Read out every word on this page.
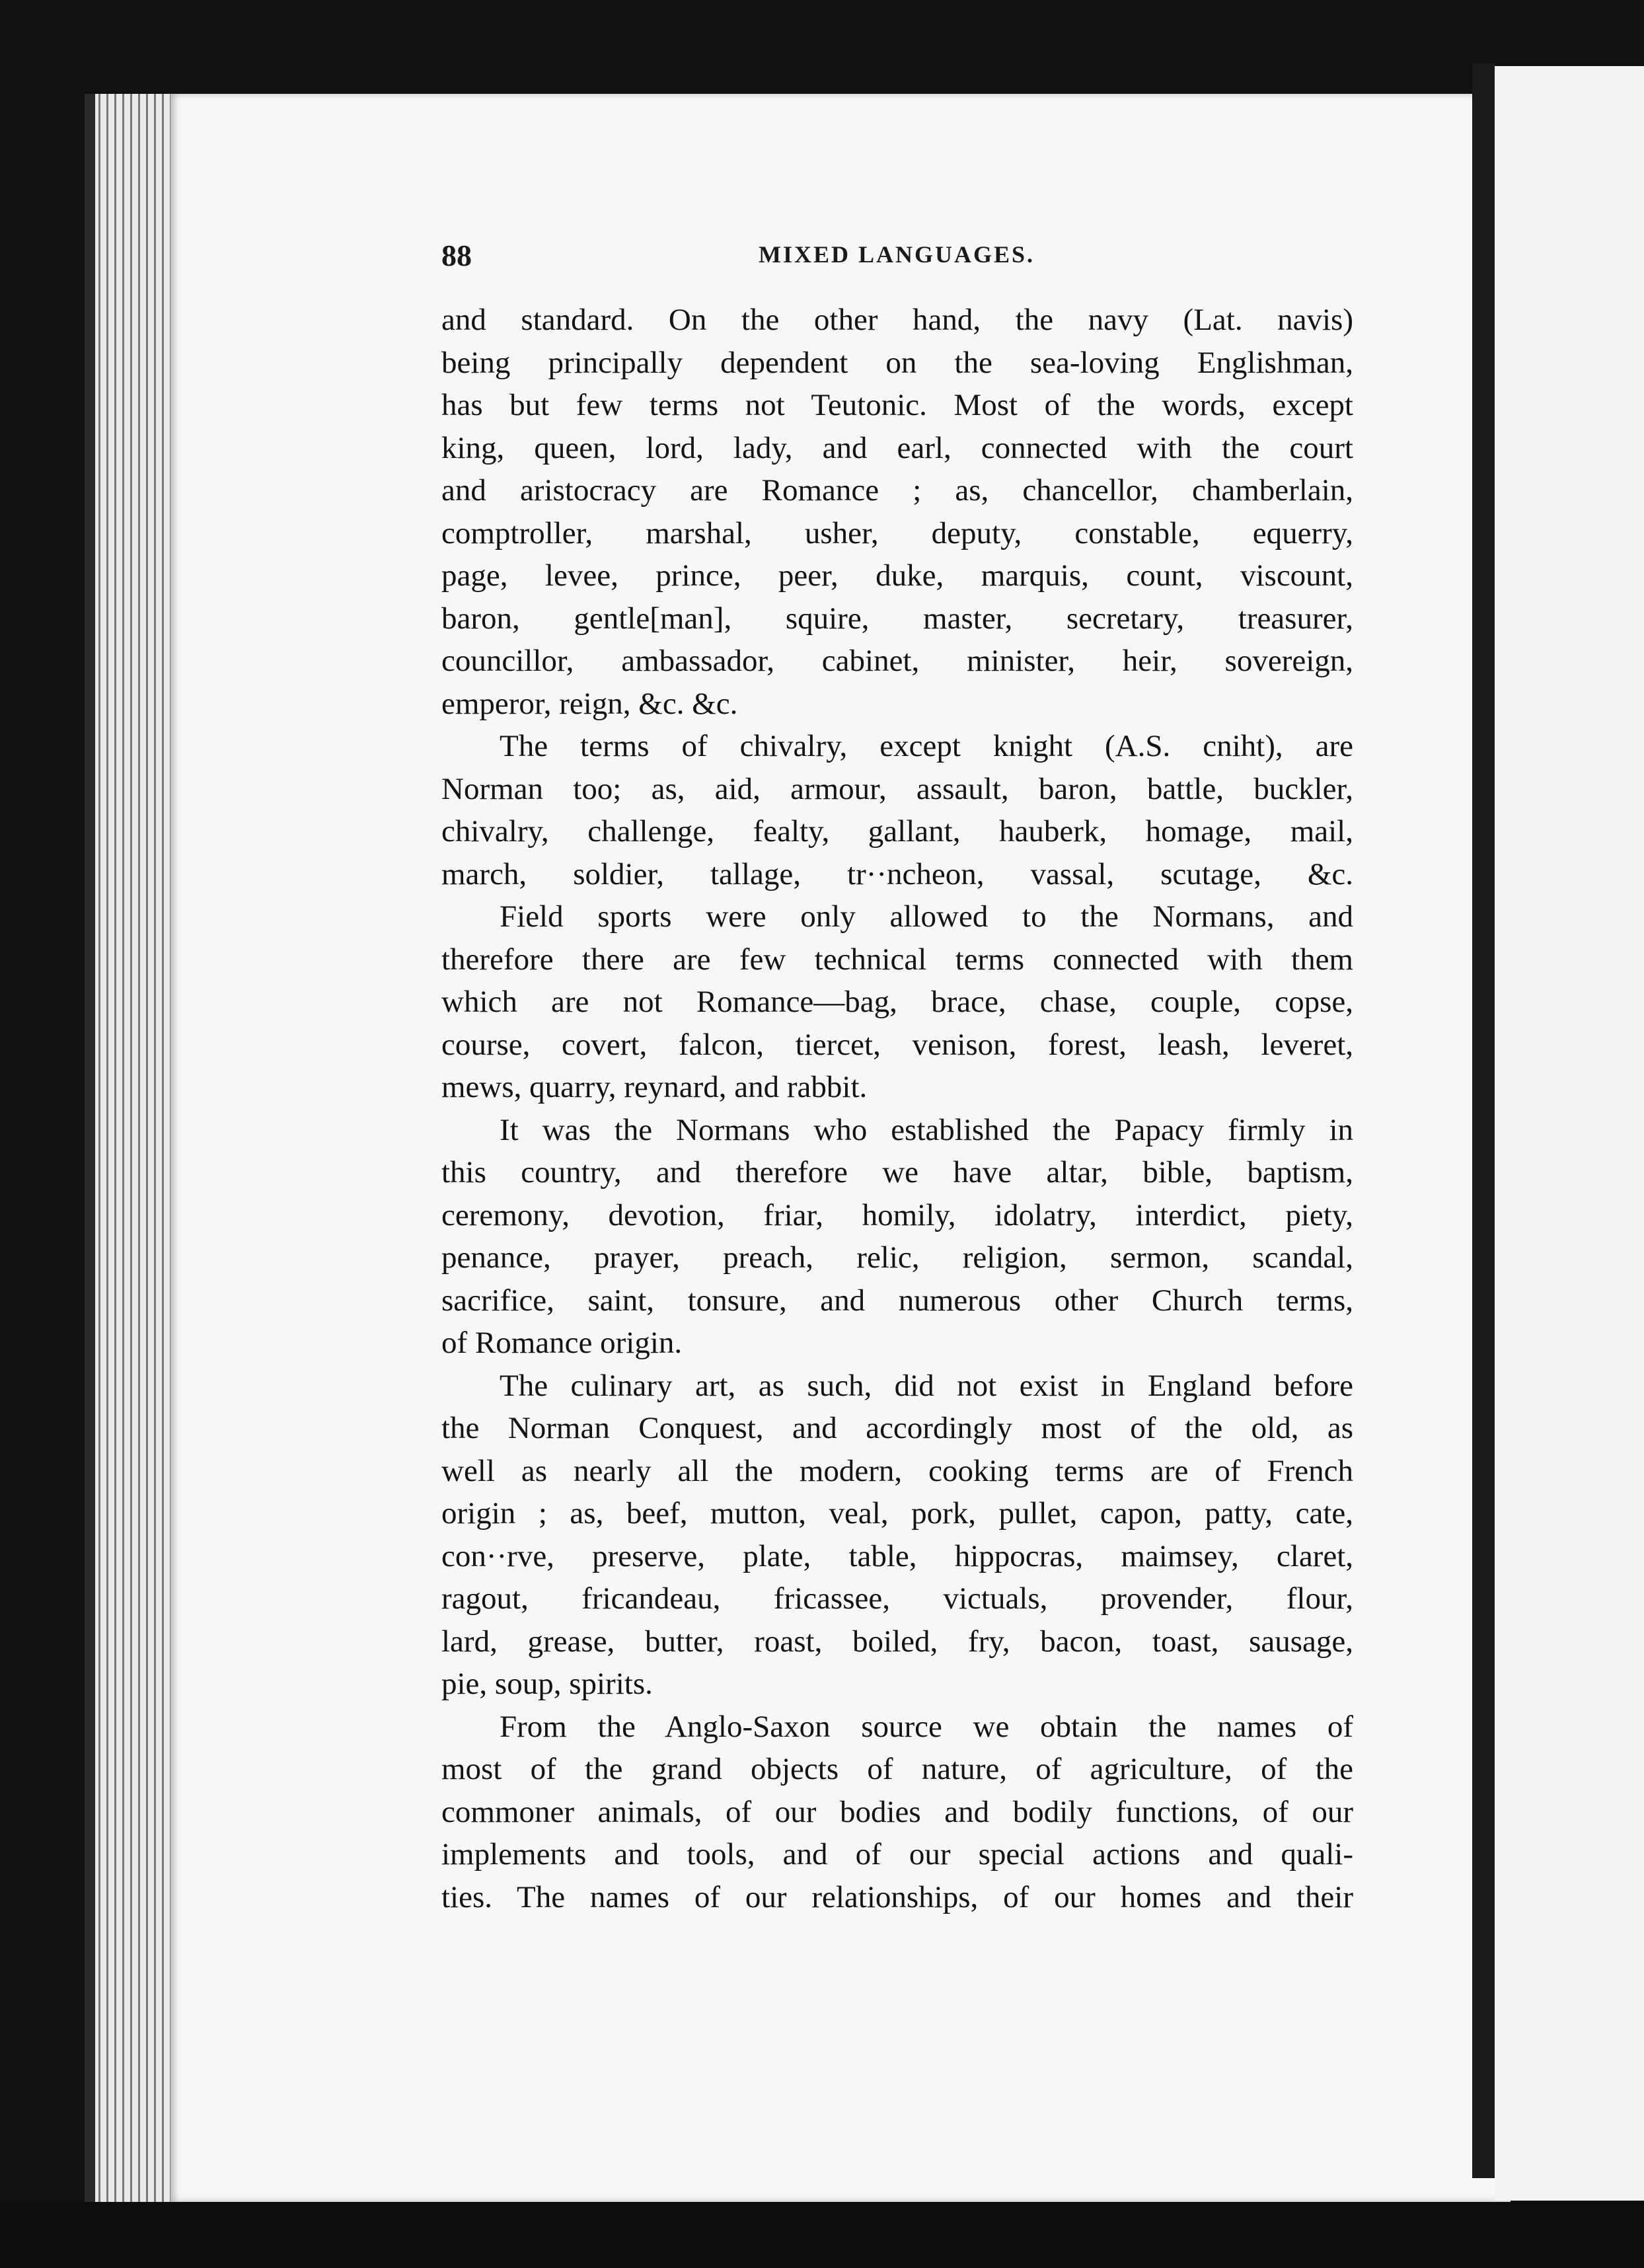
88	MIXED LANGUAGES.
and standard. On the other hand, the navy (Lat. navis)
being principally dependent on the sea-loving Englishman,
has but few terms not Teutonic. Most of the words, except
king, queen, lord, lady, and earl, connected with the court
and aristocracy are Romance ; as, chancellor, chamberlain,
comptroller, marshal, usher, deputy, constable, equerry,
page, levee, prince, peer, duke, marquis, count, viscount,
baron, gentle[man], squire, master, secretary, treasurer,
councillor, ambassador, cabinet, minister, heir, sovereign,
emperor, reign, &c. &c.
The terms of chivalry, except knight (A.S. cniht), are
Norman too; as, aid, armour, assault, baron, battle, buckler,
chivalry, challenge, fealty, gallant, hauberk, homage, mail,
march, soldier, tallage, tr··ncheon, vassal, scutage, &c.
Field sports were only allowed to the Normans, and
therefore there are few technical terms connected with them
which are not Romance—bag, brace, chase, couple, copse,
course, covert, falcon, tiercet, venison, forest, leash, leveret,
mews, quarry, reynard, and rabbit.
It was the Normans who established the Papacy firmly in
this country, and therefore we have altar, bible, baptism,
ceremony, devotion, friar, homily, idolatry, interdict, piety,
penance, prayer, preach, relic, religion, sermon, scandal,
sacrifice, saint, tonsure, and numerous other Church terms,
of Romance origin.
The culinary art, as such, did not exist in England before
the Norman Conquest, and accordingly most of the old, as
well as nearly all the modern, cooking terms are of French
origin ; as, beef, mutton, veal, pork, pullet, capon, patty, cate,
con··rve, preserve, plate, table, hippocras, maimsey, claret,
ragout, fricandeau, fricassee, victuals, provender, flour,
lard, grease, butter, roast, boiled, fry, bacon, toast, sausage,
pie, soup, spirits.
From the Anglo-Saxon source we obtain the names of
most of the grand objects of nature, of agriculture, of the
commoner animals, of our bodies and bodily functions, of our
implements and tools, and of our special actions and quali-
ties. The names of our relationships, of our homes and their
